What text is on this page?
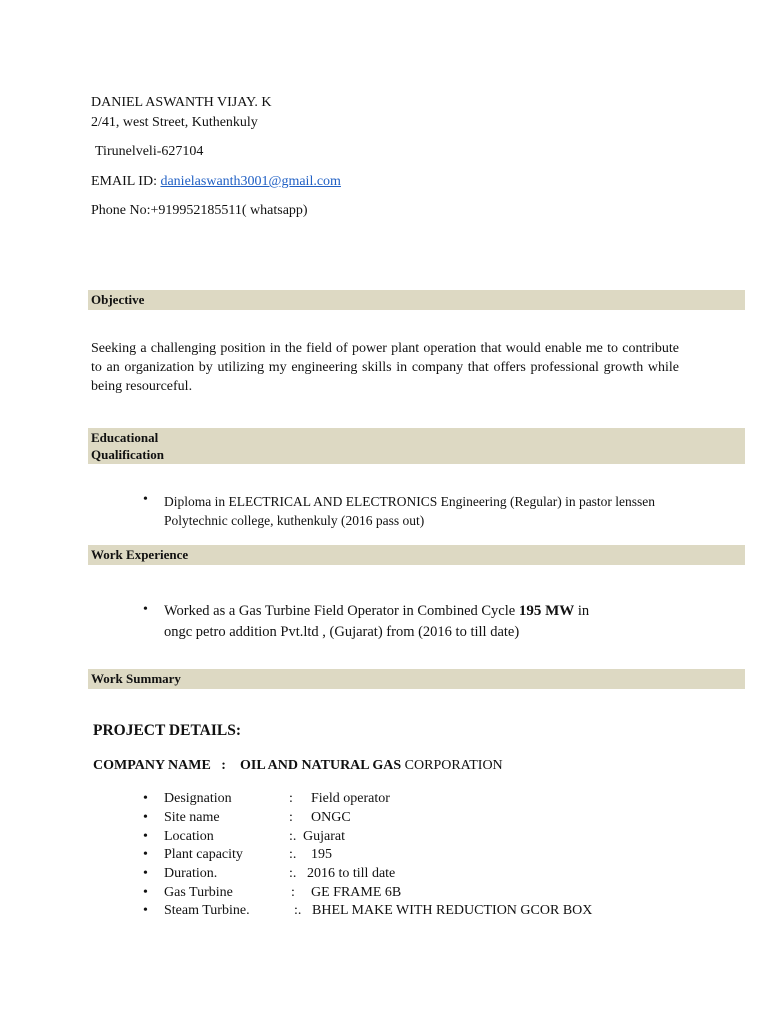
DANIEL ASWANTH VIJAY. K
2/41, west Street, Kuthenkuly
Tirunelveli-627104
EMAIL ID: danielaswanth3001@gmail.com
Phone No:+919952185511( whatsapp)
Objective
Seeking a challenging position in the field of power plant operation that would enable me to contribute to an organization by utilizing my engineering skills in company that offers professional growth while being resourceful.
Educational
Qualification
• Diploma in ELECTRICAL AND ELECTRONICS Engineering (Regular) in pastor lenssen
Polytechnic college, kuthenkuly (2016 pass out)
Work Experience
• Worked as a Gas Turbine Field Operator in Combined Cycle 195 MW in
ongc petro addition Pvt.ltd , (Gujarat) from (2016 to till date)
Work Summary
PROJECT DETAILS:
COMPANY NAME   :    OIL AND NATURAL GAS CORPORATION
• Designation	: Field operator
• Site name	: ONGC
• Location	:. Gujarat
• Plant capacity	:. 195
• Duration.	:. 2016 to till date
• Gas Turbine	: GE FRAME 6B
• Steam Turbine.	:. BHEL MAKE WITH REDUCTION GCOR BOX
